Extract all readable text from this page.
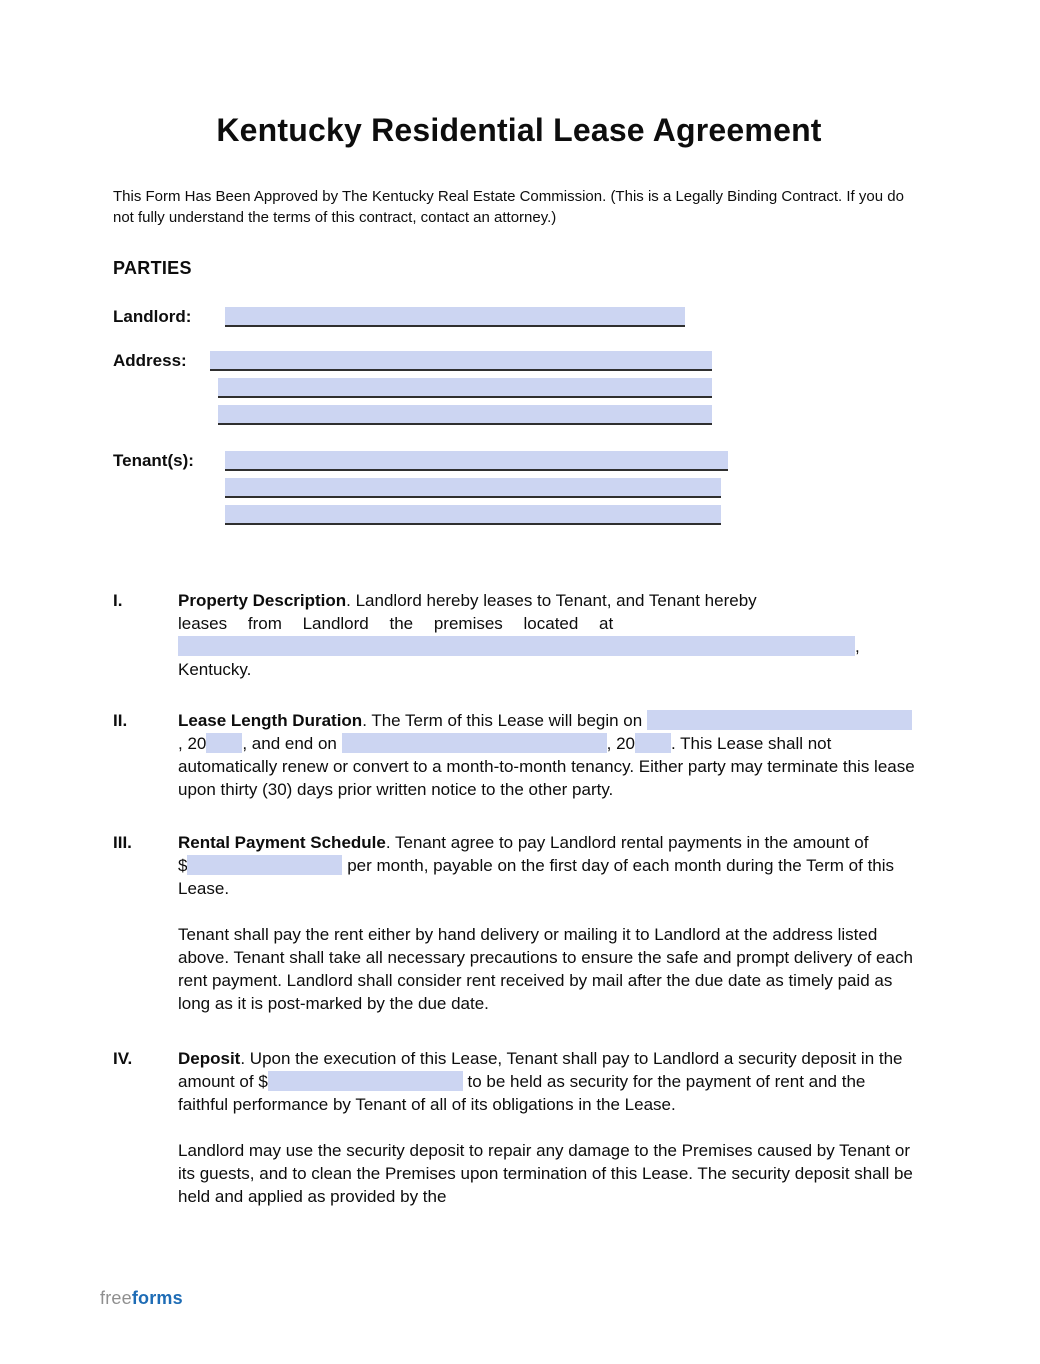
Kentucky Residential Lease Agreement

This Form Has Been Approved by The Kentucky Real Estate Commission. (This is a Legally Binding Contract. If you do not fully understand the terms of this contract, contact an attorney.)

PARTIES
Landlord:
Address:
Tenant(s):
I.	Property Description. Landlord hereby leases to Tenant, and Tenant hereby
leases from Landlord the premises located at

,

Kentucky.

II.	Lease Length Duration. The Term of this Lease will begin on , 20 , and end on	, 20 . This Lease shall not automatically renew or convert to a month-to-month tenancy. Either party may terminate this lease upon thirty (30) days prior written notice to the other party.

III.	Rental Payment Schedule. Tenant agree to pay Landlord rental payments in the amount of $	per month, payable on the first day of each month during the Term of this Lease.

Tenant shall pay the rent either by hand delivery or mailing it to Landlord at the address listed above. Tenant shall take all necessary precautions to ensure the safe and prompt delivery of each rent payment. Landlord shall consider rent received by mail after the due date as timely paid as long as it is post-marked by the due date.

IV.	Deposit. Upon the execution of this Lease, Tenant shall pay to Landlord a security deposit in the amount of $	to be held as security for the payment of rent and the faithful performance by Tenant of all of its obligations in the Lease.

Landlord may use the security deposit to repair any damage to the Premises caused by Tenant or its guests, and to clean the Premises upon termination of this Lease. The security deposit shall be held and applied as provided by the

freeforms
